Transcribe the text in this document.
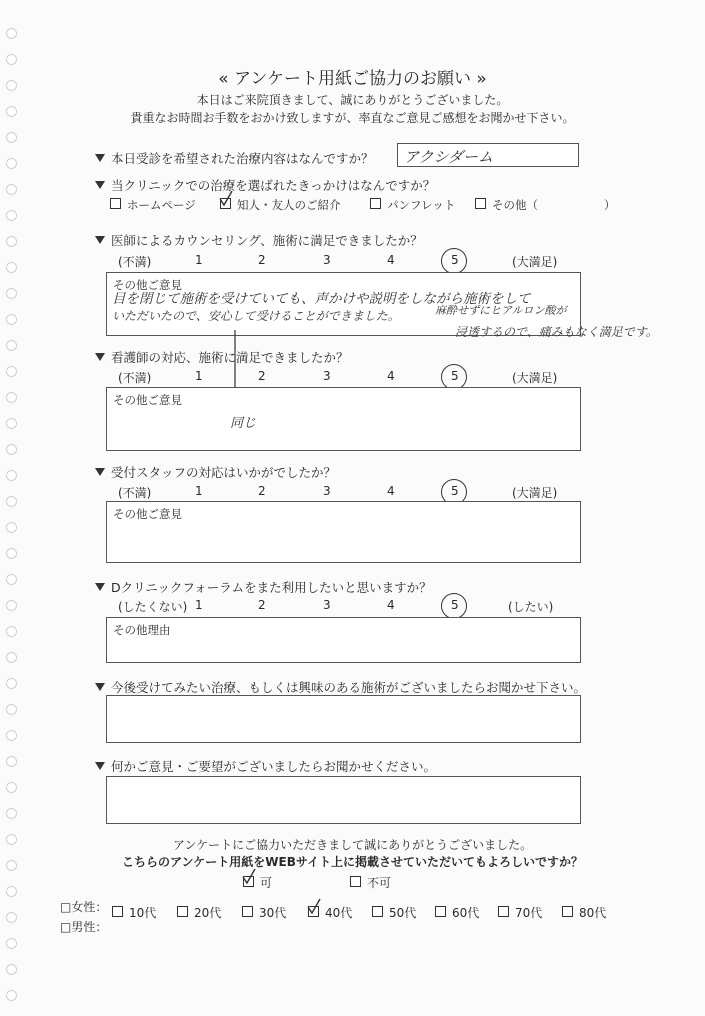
« アンケート用紙ご協力のお願い »
本日はご来院頂きまして、誠にありがとうございました。
貴重なお時間お手数をおかけ致しますが、率直なご意見ご感想をお聞かせ下さい。
本日受診を希望された治療内容はなんですか？ アクシダーム
当クリニックでの治療を選ばれたきっかけはなんですか？
ホームページ	知人・友人のご紹介	パンフレット	その他（	）
医師によるカウンセリング、施術に満足できましたか？
(不満)	1	2	3	4	5	(大満足)
その他ご意見
目を閉じて施術を受けていても、声かけや説明をしながら施術をして
いただいたので、安心して受けることができました。	麻酔せずにヒアルロン酸が
浸透するので、痛みもなく満足です。
看護師の対応、施術に満足できましたか？
(不満)	1	2	3	4	5	(大満足)
その他ご意見
同じ
受付スタッフの対応はいかがでしたか？
(不満)	1	2	3	4	5	(大満足)
その他ご意見
Dクリニックフォーラムをまた利用したいと思いますか？
(したくない) 1	2	3	4	5	(したい)
その他理由
今後受けてみたい治療、もしくは興味のある施術がございましたらお聞かせ下さい。
何かご意見・ご要望がございましたらお聞かせください。
アンケートにご協力いただきまして誠にありがとうございました。
こちらのアンケート用紙をWEBサイト上に掲載させていただいてもよろしいですか？
可	不可
□女性：
□男性：
10代	20代	30代	40代	50代	60代	70代	80代
